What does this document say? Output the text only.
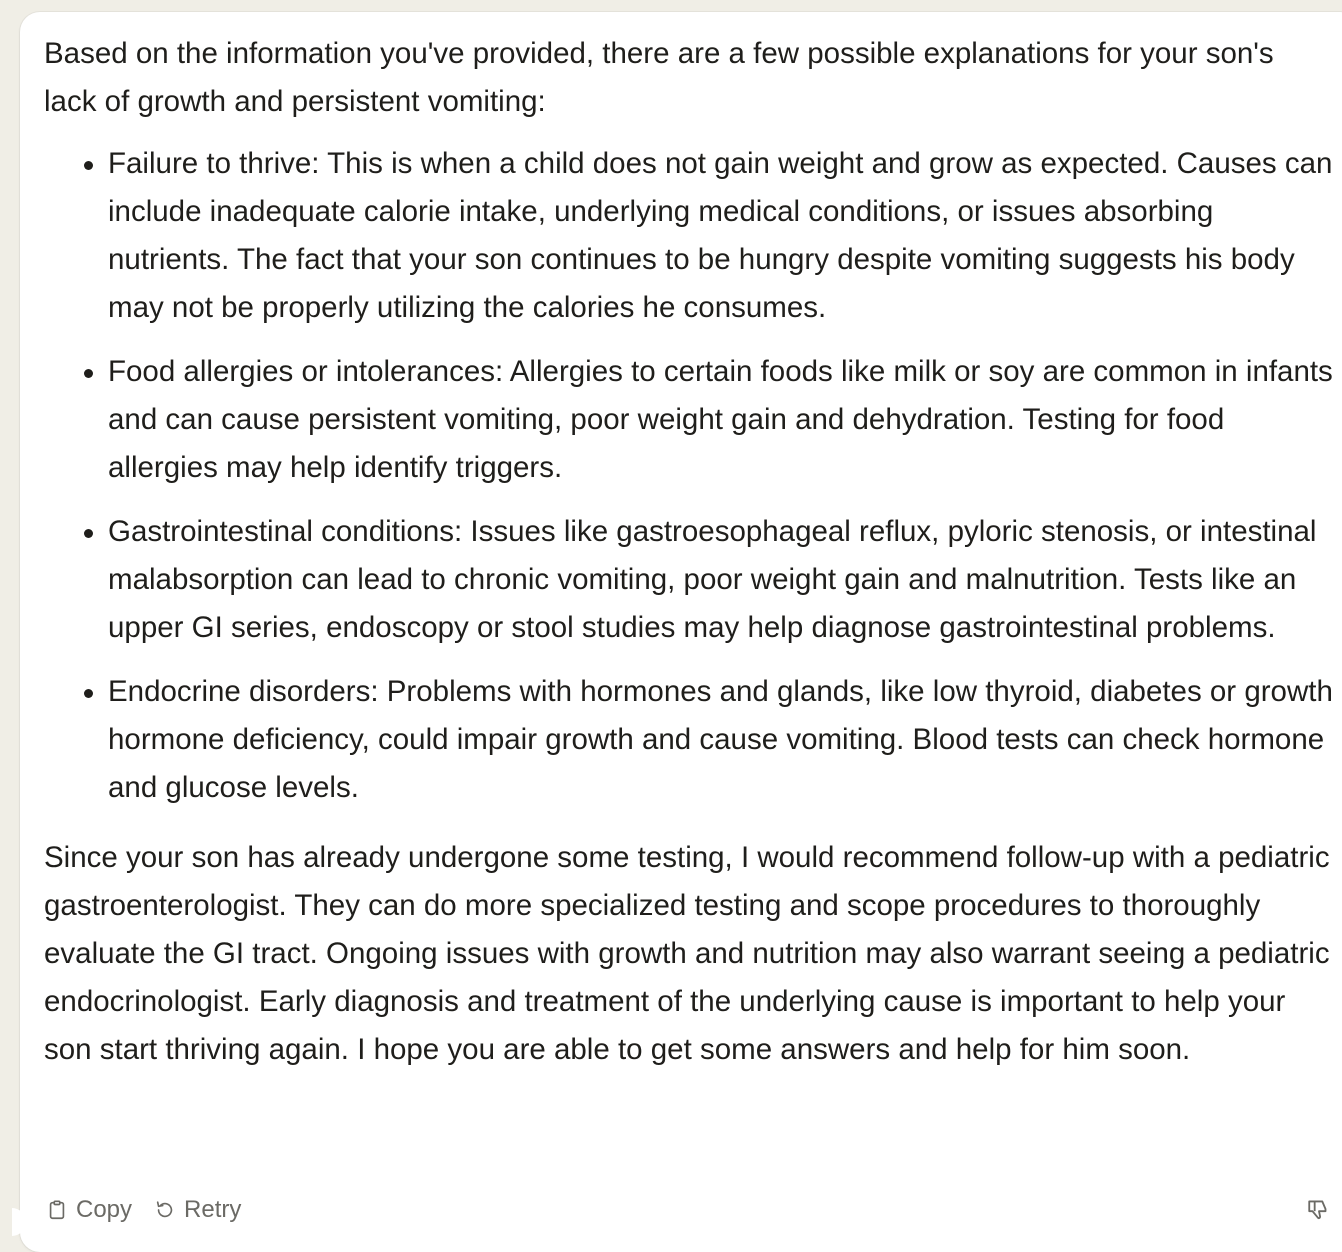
Based on the information you've provided, there are a few possible explanations for your son's lack of growth and persistent vomiting:

Failure to thrive: This is when a child does not gain weight and grow as expected. Causes can include inadequate calorie intake, underlying medical conditions, or issues absorbing nutrients. The fact that your son continues to be hungry despite vomiting suggests his body may not be properly utilizing the calories he consumes.
Food allergies or intolerances: Allergies to certain foods like milk or soy are common in infants and can cause persistent vomiting, poor weight gain and dehydration. Testing for food allergies may help identify triggers.
Gastrointestinal conditions: Issues like gastroesophageal reflux, pyloric stenosis, or intestinal malabsorption can lead to chronic vomiting, poor weight gain and malnutrition. Tests like an upper GI series, endoscopy or stool studies may help diagnose gastrointestinal problems.
Endocrine disorders: Problems with hormones and glands, like low thyroid, diabetes or growth hormone deficiency, could impair growth and cause vomiting. Blood tests can check hormone and glucose levels.

Since your son has already undergone some testing, I would recommend follow-up with a pediatric gastroenterologist. They can do more specialized testing and scope procedures to thoroughly evaluate the GI tract. Ongoing issues with growth and nutrition may also warrant seeing a pediatric endocrinologist. Early diagnosis and treatment of the underlying cause is important to help your son start thriving again. I hope you are able to get some answers and help for him soon.

Copy Retry
